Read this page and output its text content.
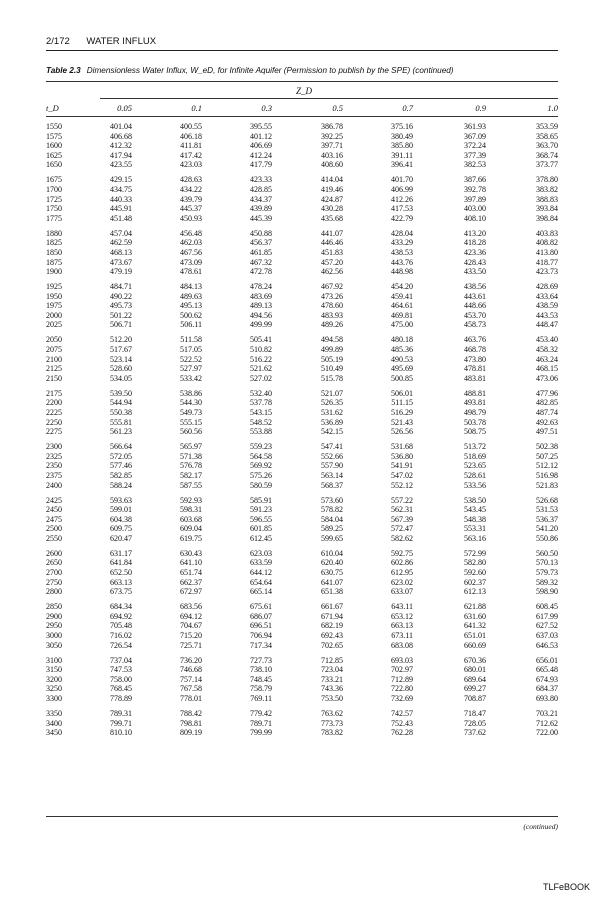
2/172 WATER INFLUX
Table 2.3 Dimensionless Water Influx, W_eD, for Infinite Aquifer (Permission to publish by the SPE) (continued)
Z_D
t_D	0.05	0.1	0.3	0.5	0.7	0.9	1.0
1550	401.04	400.55	395.55	386.78	375.16	361.93	353.59
1575	406.68	406.18	401.12	392.25	380.49	367.09	358.65
1600	412.32	411.81	406.69	397.71	385.80	372.24	363.70
1625	417.94	417.42	412.24	403.16	391.11	377.39	368.74
1650	423.55	423.03	417.79	408.60	396.41	382.53	373.77

1675	429.15	428.63	423.33	414.04	401.70	387.66	378.80
1700	434.75	434.22	428.85	419.46	406.99	392.78	383.82
1725	440.33	439.79	434.37	424.87	412.26	397.89	388.83
1750	445.91	445.37	439.89	430.28	417.53	403.00	393.84
1775	451.48	450.93	445.39	435.68	422.79	408.10	398.84

1880	457.04	456.48	450.88	441.07	428.04	413.20	403.83
1825	462.59	462.03	456.37	446.46	433.29	418.28	408.82
1850	468.13	467.56	461.85	451.83	438.53	423.36	413.80
1875	473.67	473.09	467.32	457.20	443.76	428.43	418.77
1900	479.19	478.61	472.78	462.56	448.98	433.50	423.73

1925	484.71	484.13	478.24	467.92	454.20	438.56	428.69
1950	490.22	489.63	483.69	473.26	459.41	443.61	433.64
1975	495.73	495.13	489.13	478.60	464.61	448.66	438.59
2000	501.22	500.62	494.56	483.93	469.81	453.70	443.53
2025	506.71	506.11	499.99	489.26	475.00	458.73	448.47

2050	512.20	511.58	505.41	494.58	480.18	463.76	453.40
2075	517.67	517.05	510.82	499.89	485.36	468.78	458.32
2100	523.14	522.52	516.22	505.19	490.53	473.80	463.24
2125	528.60	527.97	521.62	510.49	495.69	478.81	468.15
2150	534.05	533.42	527.02	515.78	500.85	483.81	473.06

2175	539.50	538.86	532.40	521.07	506.01	488.81	477.96
2200	544.94	544.30	537.78	526.35	511.15	493.81	482.85
2225	550.38	549.73	543.15	531.62	516.29	498.79	487.74
2250	555.81	555.15	548.52	536.89	521.43	503.78	492.63
2275	561.23	560.56	553.88	542.15	526.56	508.75	497.51

2300	566.64	565.97	559.23	547.41	531.68	513.72	502.38
2325	572.05	571.38	564.58	552.66	536.80	518.69	507.25
2350	577.46	576.78	569.92	557.90	541.91	523.65	512.12
2375	582.85	582.17	575.26	563.14	547.02	528.61	516.98
2400	588.24	587.55	580.59	568.37	552.12	533.56	521.83

2425	593.63	592.93	585.91	573.60	557.22	538.50	526.68
2450	599.01	598.31	591.23	578.82	562.31	543.45	531.53
2475	604.38	603.68	596.55	584.04	567.39	548.38	536.37
2500	609.75	609.04	601.85	589.25	572.47	553.31	541.20
2550	620.47	619.75	612.45	599.65	582.62	563.16	550.86

2600	631.17	630.43	623.03	610.04	592.75	572.99	560.50
2650	641.84	641.10	633.59	620.40	602.86	582.80	570.13
2700	652.50	651.74	644.12	630.75	612.95	592.60	579.73
2750	663.13	662.37	654.64	641.07	623.02	602.37	589.32
2800	673.75	672.97	665.14	651.38	633.07	612.13	598.90

2850	684.34	683.56	675.61	661.67	643.11	621.88	608.45
2900	694.92	694.12	686.07	671.94	653.12	631.60	617.99
2950	705.48	704.67	696.51	682.19	663.13	641.32	627.52
3000	716.02	715.20	706.94	692.43	673.11	651.01	637.03
3050	726.54	725.71	717.34	702.65	683.08	660.69	646.53

3100	737.04	736.20	727.73	712.85	693.03	670.36	656.01
3150	747.53	746.68	738.10	723.04	702.97	680.01	665.48
3200	758.00	757.14	748.45	733.21	712.89	689.64	674.93
3250	768.45	767.58	758.79	743.36	722.80	699.27	684.37
3300	778.89	778.01	769.11	753.50	732.69	708.87	693.80

3350	789.31	788.42	779.42	763.62	742.57	718.47	703.21
3400	799.71	798.81	789.71	773.73	752.43	728.05	712.62
3450	810.10	809.19	799.99	783.82	762.28	737.62	722.00
(continued)
TLFeBOOK
